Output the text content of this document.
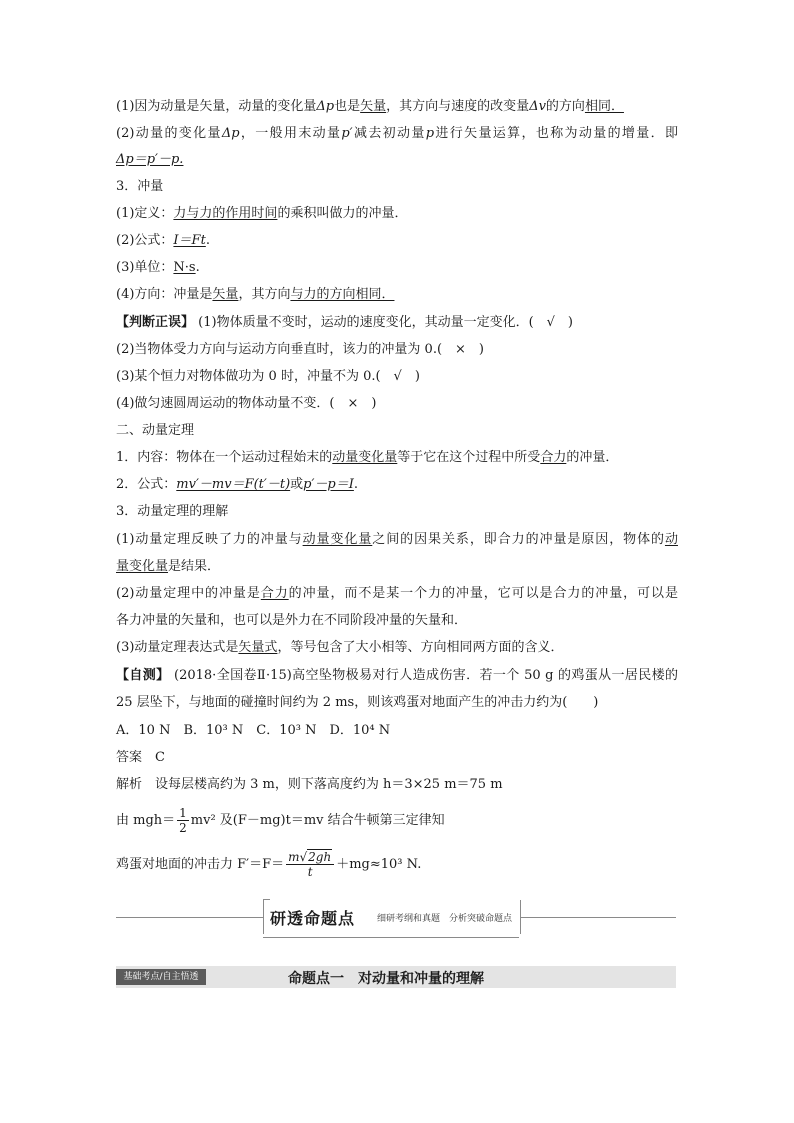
(1)因为动量是矢量，动量的变化量Δp也是矢量，其方向与速度的改变量Δv的方向相同．
(2)动量的变化量Δp，一般用末动量p′减去初动量p进行矢量运算，也称为动量的增量．即
Δp＝p′－p.
3．冲量
(1)定义：力与力的作用时间的乘积叫做力的冲量．
(2)公式：I＝Ft.
(3)单位：N·s.
(4)方向：冲量是矢量，其方向与力的方向相同．
【判断正误】 (1)物体质量不变时，运动的速度变化，其动量一定变化．(　√　)
(2)当物体受力方向与运动方向垂直时，该力的冲量为 0.(　×　)
(3)某个恒力对物体做功为 0 时，冲量不为 0.(　√　)
(4)做匀速圆周运动的物体动量不变．(　×　)
二、动量定理
1．内容：物体在一个运动过程始末的动量变化量等于它在这个过程中所受合力的冲量．
2．公式：mv′－mv＝F(t′－t)或p′－p＝I.
3．动量定理的理解
(1)动量定理反映了力的冲量与动量变化量之间的因果关系，即合力的冲量是原因，物体的动
量变化量是结果．
(2)动量定理中的冲量是合力的冲量，而不是某一个力的冲量，它可以是合力的冲量，可以是
各力冲量的矢量和，也可以是外力在不同阶段冲量的矢量和．
(3)动量定理表达式是矢量式，等号包含了大小相等、方向相同两方面的含义．
【自测】 (2018·全国卷Ⅱ·15)高空坠物极易对行人造成伤害．若一个 50 g 的鸡蛋从一居民楼的
25 层坠下，与地面的碰撞时间约为 2 ms，则该鸡蛋对地面产生的冲击力约为(　　)
A．10 N　B．10³ N　C．10³ N　D．10⁴ N
答案　C
解析　设每层楼高约为 3 m，则下落高度约为 h＝3×25 m＝75 m
由 $mgh= \frac{1}{2} mv^2$ 及(F－mg)t＝mv 结合牛顿第三定律知
鸡蛋对地面的冲击力 $F'=F= \frac{m√2gh}{t} +mg\approx 10^3$ N.
研透命题点 细研考纲和真题　分析突破命题点
基础考点/自主悟透	命题点一　对动量和冲量的理解
